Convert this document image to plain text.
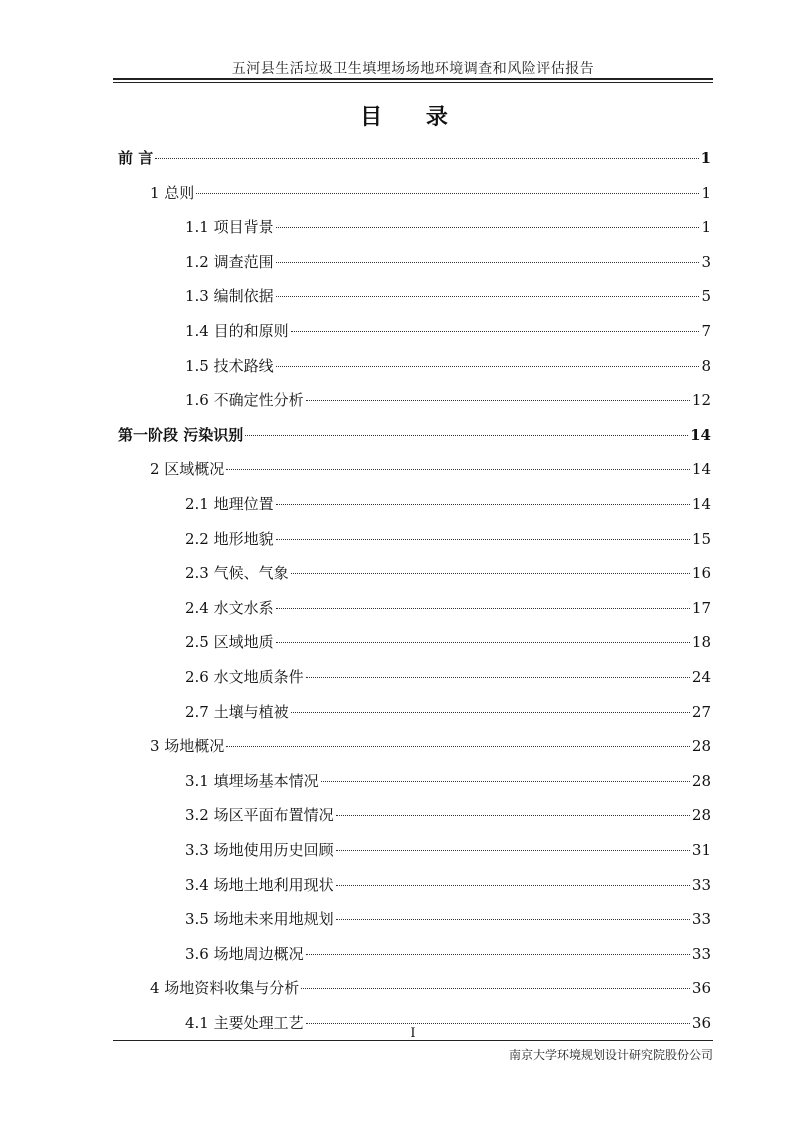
五河县生活垃圾卫生填埋场场地环境调查和风险评估报告
目 录
前 言	1
1 总则	1
1.1 项目背景	1
1.2 调查范围	3
1.3 编制依据	5
1.4 目的和原则	7
1.5 技术路线	8
1.6 不确定性分析	12
第一阶段 污染识别	14
2 区域概况	14
2.1 地理位置	14
2.2 地形地貌	15
2.3 气候、气象	16
2.4 水文水系	17
2.5 区域地质	18
2.6 水文地质条件	24
2.7 土壤与植被	27
3 场地概况	28
3.1 填埋场基本情况	28
3.2 场区平面布置情况	28
3.3 场地使用历史回顾	31
3.4 场地土地利用现状	33
3.5 场地未来用地规划	33
3.6 场地周边概况	33
4 场地资料收集与分析	36
4.1 主要处理工艺	36
I
南京大学环境规划设计研究院股份公司
